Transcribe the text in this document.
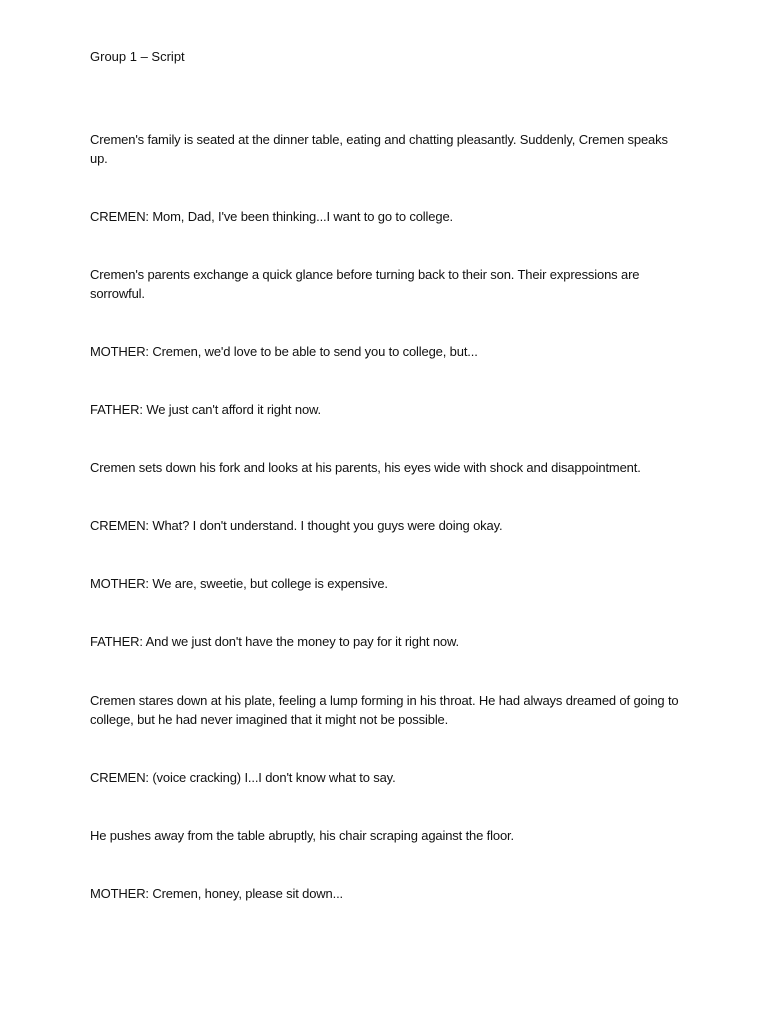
Group 1 – Script

Cremen's family is seated at the dinner table, eating and chatting pleasantly. Suddenly, Cremen speaks up.

CREMEN: Mom, Dad, I've been thinking...I want to go to college.

Cremen's parents exchange a quick glance before turning back to their son. Their expressions are sorrowful.

MOTHER: Cremen, we'd love to be able to send you to college, but...

FATHER: We just can't afford it right now.

Cremen sets down his fork and looks at his parents, his eyes wide with shock and disappointment.

CREMEN: What? I don't understand. I thought you guys were doing okay.

MOTHER: We are, sweetie, but college is expensive.

FATHER: And we just don't have the money to pay for it right now.

Cremen stares down at his plate, feeling a lump forming in his throat. He had always dreamed of going to college, but he had never imagined that it might not be possible.

CREMEN: (voice cracking) I...I don't know what to say.

He pushes away from the table abruptly, his chair scraping against the floor.

MOTHER: Cremen, honey, please sit down...
